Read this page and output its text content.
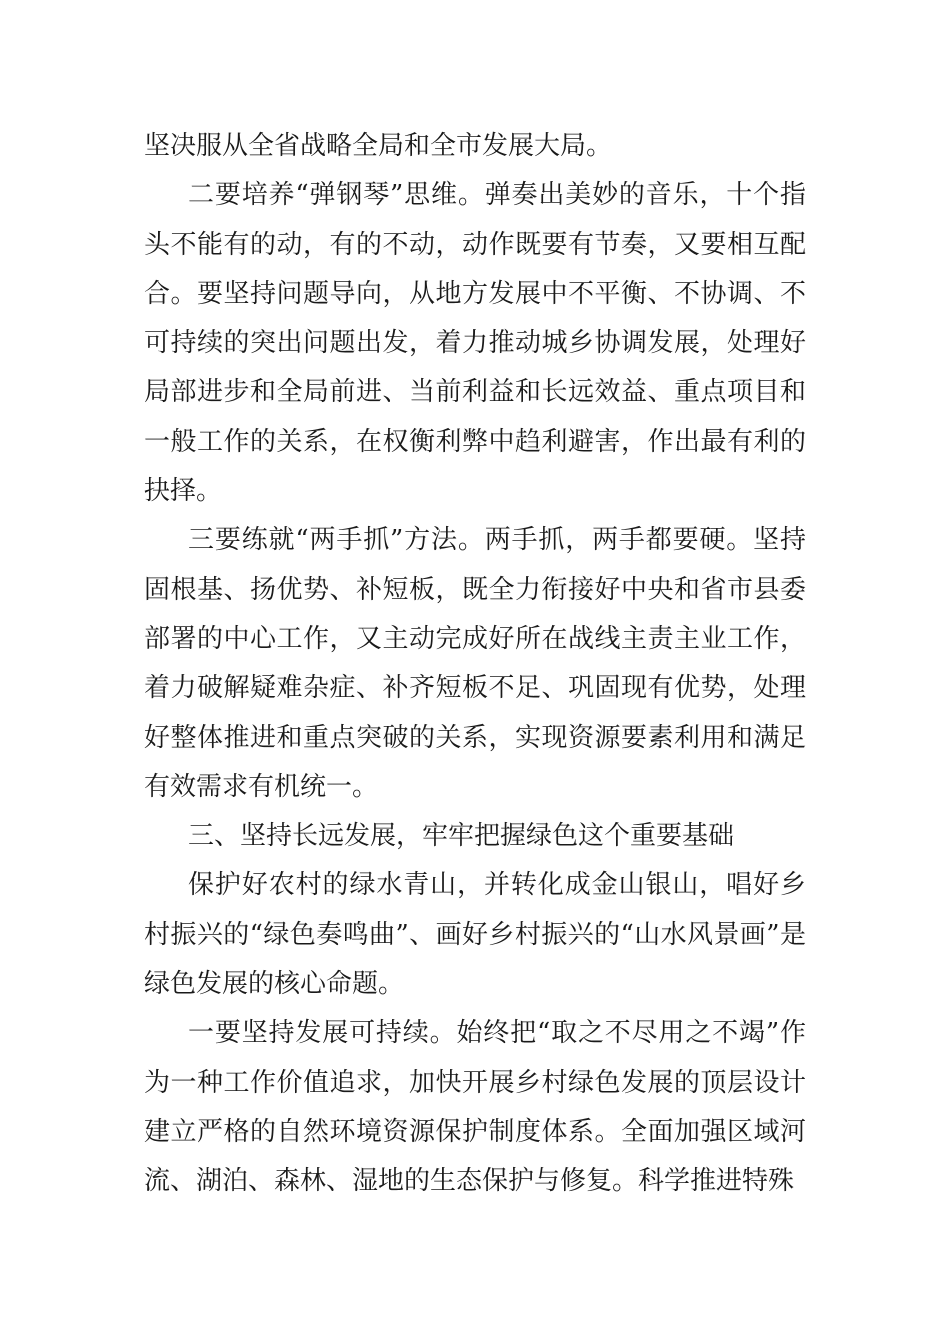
坚决服从全省战略全局和全市发展大局。

二要培养“弹钢琴”思维。弹奏出美妙的音乐，十个指头不能有的动，有的不动，动作既要有节奏，又要相互配合。要坚持问题导向，从地方发展中不平衡、不协调、不可持续的突出问题出发，着力推动城乡协调发展，处理好局部进步和全局前进、当前利益和长远效益、重点项目和一般工作的关系，在权衡利弊中趋利避害，作出最有利的抉择。

三要练就“两手抓”方法。两手抓，两手都要硬。坚持固根基、扬优势、补短板，既全力衔接好中央和省市县委部署的中心工作，又主动完成好所在战线主责主业工作，着力破解疑难杂症、补齐短板不足、巩固现有优势，处理好整体推进和重点突破的关系，实现资源要素利用和满足有效需求有机统一。

三、坚持长远发展，牢牢把握绿色这个重要基础

保护好农村的绿水青山，并转化成金山银山，唱好乡村振兴的“绿色奏鸣曲”、画好乡村振兴的“山水风景画”是绿色发展的核心命题。

一要坚持发展可持续。始终把“取之不尽用之不竭”作为一种工作价值追求，加快开展乡村绿色发展的顶层设计建立严格的自然环境资源保护制度体系。全面加强区域河流、湖泊、森林、湿地的生态保护与修复。科学推进特殊
